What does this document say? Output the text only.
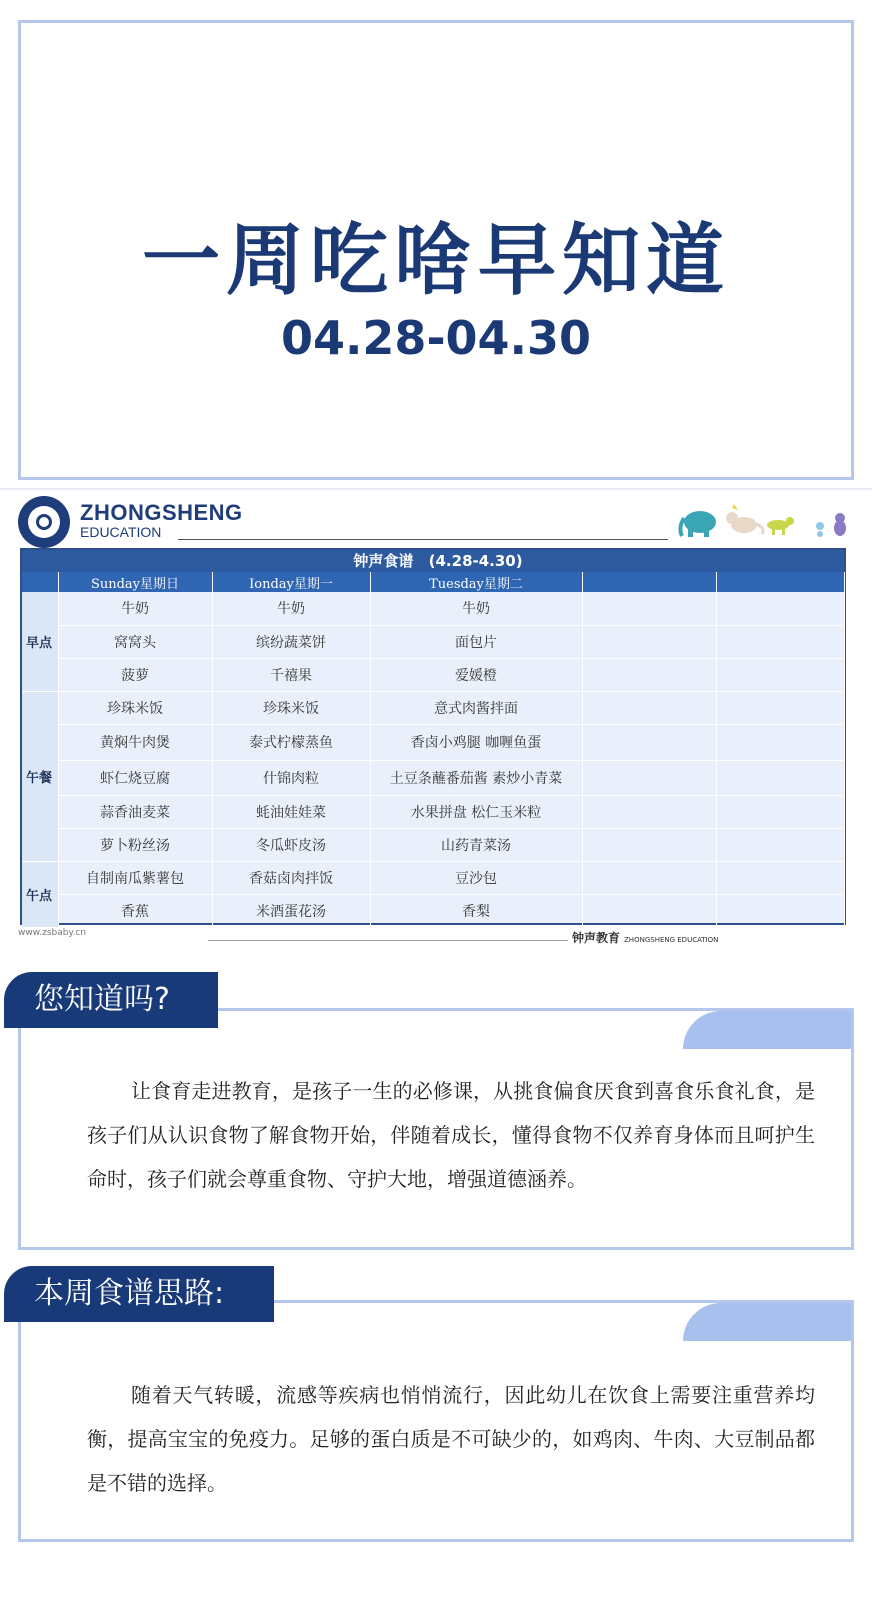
一周吃啥早知道
04.28-04.30
ZHONGSHENG
EDUCATION
钟声食谱 (4.28-4.30)
	Sunday星期日	Ionday星期一	Tuesday星期二		
早点	牛奶	牛奶	牛奶		
	窝窝头	缤纷蔬菜饼	面包片		
	菠萝	千禧果	爱媛橙		
午餐	珍珠米饭	珍珠米饭	意式肉酱拌面		
	黄焖牛肉煲	泰式柠檬蒸鱼	香卤小鸡腿 咖喱鱼蛋		
	虾仁烧豆腐	什锦肉粒	土豆条蘸番茄酱 素炒小青菜		
	蒜香油麦菜	蚝油娃娃菜	水果拼盘 松仁玉米粒		
	萝卜粉丝汤	冬瓜虾皮汤	山药青菜汤		
午点	自制南瓜紫薯包	香菇卤肉拌饭	豆沙包		
	香蕉	米酒蛋花汤	香梨		
www.zsbaby.cn	钟声教育 ZHONGSHENG EDUCATION
让食育走进教育，是孩子一生的必修课，从挑食偏食厌食到喜食乐食礼食，是孩子们从认识食物了解食物开始，伴随着成长，懂得食物不仅养育身体而且呵护生命时，孩子们就会尊重食物、守护大地，增强道德涵养。
您知道吗?
随着天气转暖，流感等疾病也悄悄流行，因此幼儿在饮食上需要注重营养均衡，提高宝宝的免疫力。足够的蛋白质是不可缺少的，如鸡肉、牛肉、大豆制品都是不错的选择。
本周食谱思路:
